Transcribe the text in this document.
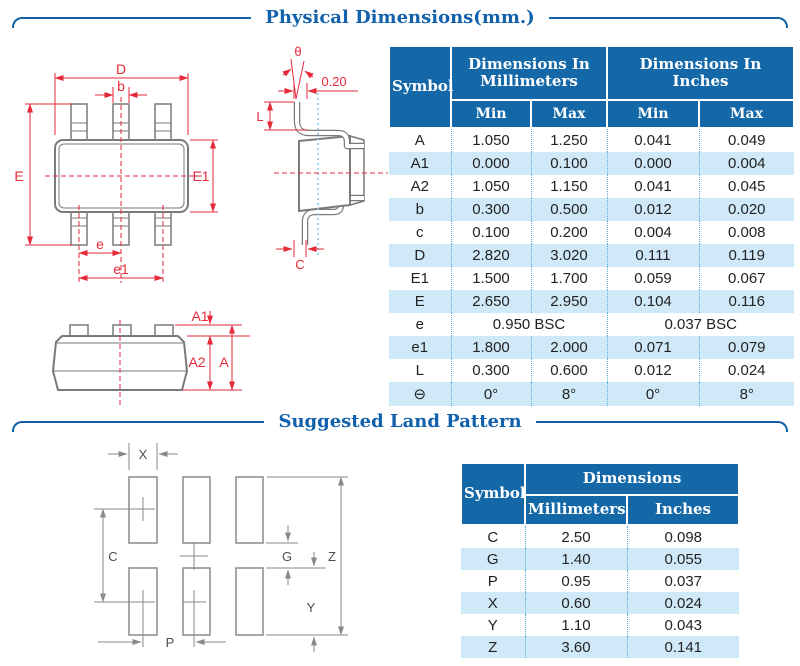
Physical Dimensions(mm.)
D
b
E	E1
e
e1
θ
0.20
L
C
A1
A2 A
Symbol	Dimensions In Millimeters		Dimensions In Inches	
	Min	Max	Min	Max
A	1.050	1.250	0.041	0.049
A1	0.000	0.100	0.000	0.004
A2	1.050	1.150	0.041	0.045
b	0.300	0.500	0.012	0.020
c	0.100	0.200	0.004	0.008
D	2.820	3.020	0.111	0.119
E1	1.500	1.700	0.059	0.067
E	2.650	2.950	0.104	0.116
e	0.950 BSC		0.037 BSC	
e1	1.800	2.000	0.071	0.079
L	0.300	0.600	0.012	0.024
⊖	0°	8°	0°	8°
Suggested Land Pattern
X
C	G	Z
Y
P
Symbol	Dimensions	
	Millimeters	Inches
C	2.50	0.098
G	1.40	0.055
P	0.95	0.037
X	0.60	0.024
Y	1.10	0.043
Z	3.60	0.141
